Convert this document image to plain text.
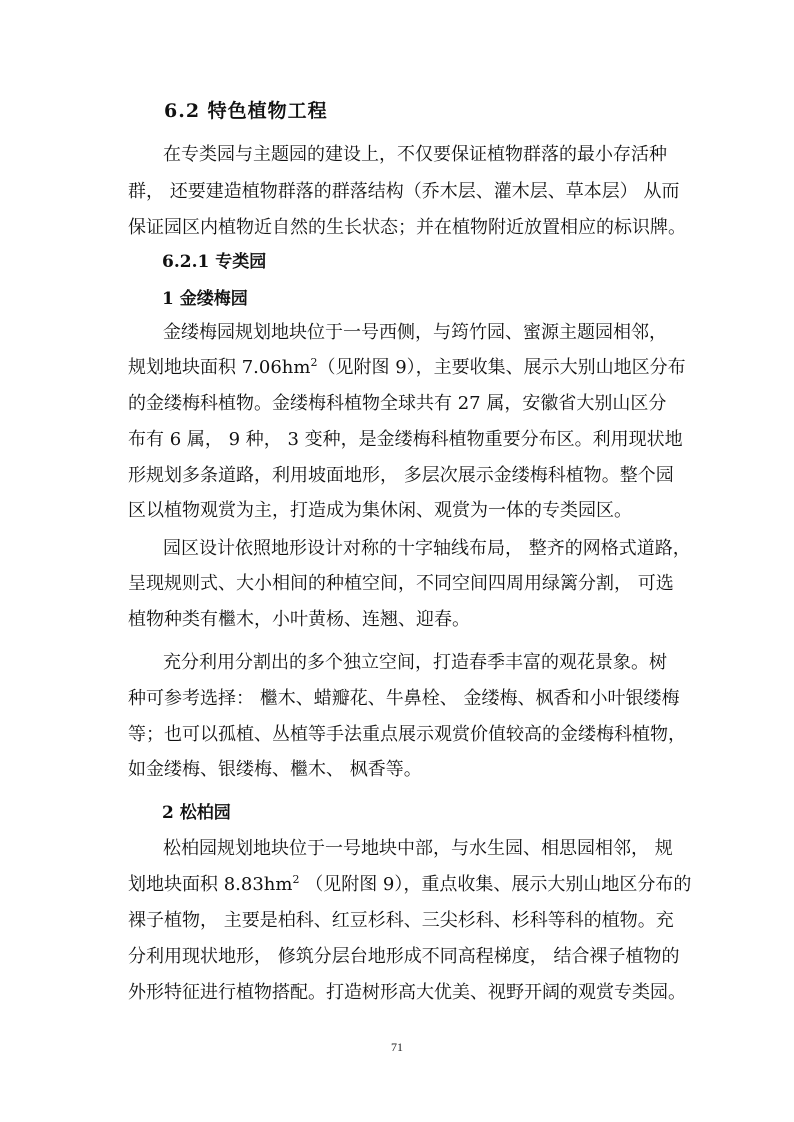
6.2 特色植物工程

在专类园与主题园的建设上，不仅要保证植物群落的最小存活种

群， 还要建造植物群落的群落结构（乔木层、灌木层、草本层） 从而

保证园区内植物近自然的生长状态；并在植物附近放置相应的标识牌。

6.2.1 专类园

1 金缕梅园

金缕梅园规划地块位于一号西侧，与筠竹园、蜜源主题园相邻，

规划地块面积 $7.06hm^2$（见附图 9），主要收集、展示大别山地区分布

的金缕梅科植物。金缕梅科植物全球共有 27 属，安徽省大别山区分

布有 6 属， 9 种， 3 变种，是金缕梅科植物重要分布区。利用现状地

形规划多条道路，利用坡面地形， 多层次展示金缕梅科植物。整个园

区以植物观赏为主，打造成为集休闲、观赏为一体的专类园区。

园区设计依照地形设计对称的十字轴线布局， 整齐的网格式道路，

呈现规则式、大小相间的种植空间，不同空间四周用绿篱分割， 可选

植物种类有檵木，小叶黄杨、连翘、迎春。

充分利用分割出的多个独立空间，打造春季丰富的观花景象。树

种可参考选择： 檵木、蜡瓣花、牛鼻栓、 金缕梅、枫香和小叶银缕梅

等；也可以孤植、丛植等手法重点展示观赏价值较高的金缕梅科植物，

如金缕梅、银缕梅、檵木、 枫香等。

2 松柏园

松柏园规划地块位于一号地块中部，与水生园、相思园相邻， 规

划地块面积 $8.83hm^2$ （见附图 9），重点收集、展示大别山地区分布的

裸子植物， 主要是柏科、红豆杉科、三尖杉科、杉科等科的植物。充

分利用现状地形， 修筑分层台地形成不同高程梯度， 结合裸子植物的

外形特征进行植物搭配。打造树形高大优美、视野开阔的观赏专类园。

71
